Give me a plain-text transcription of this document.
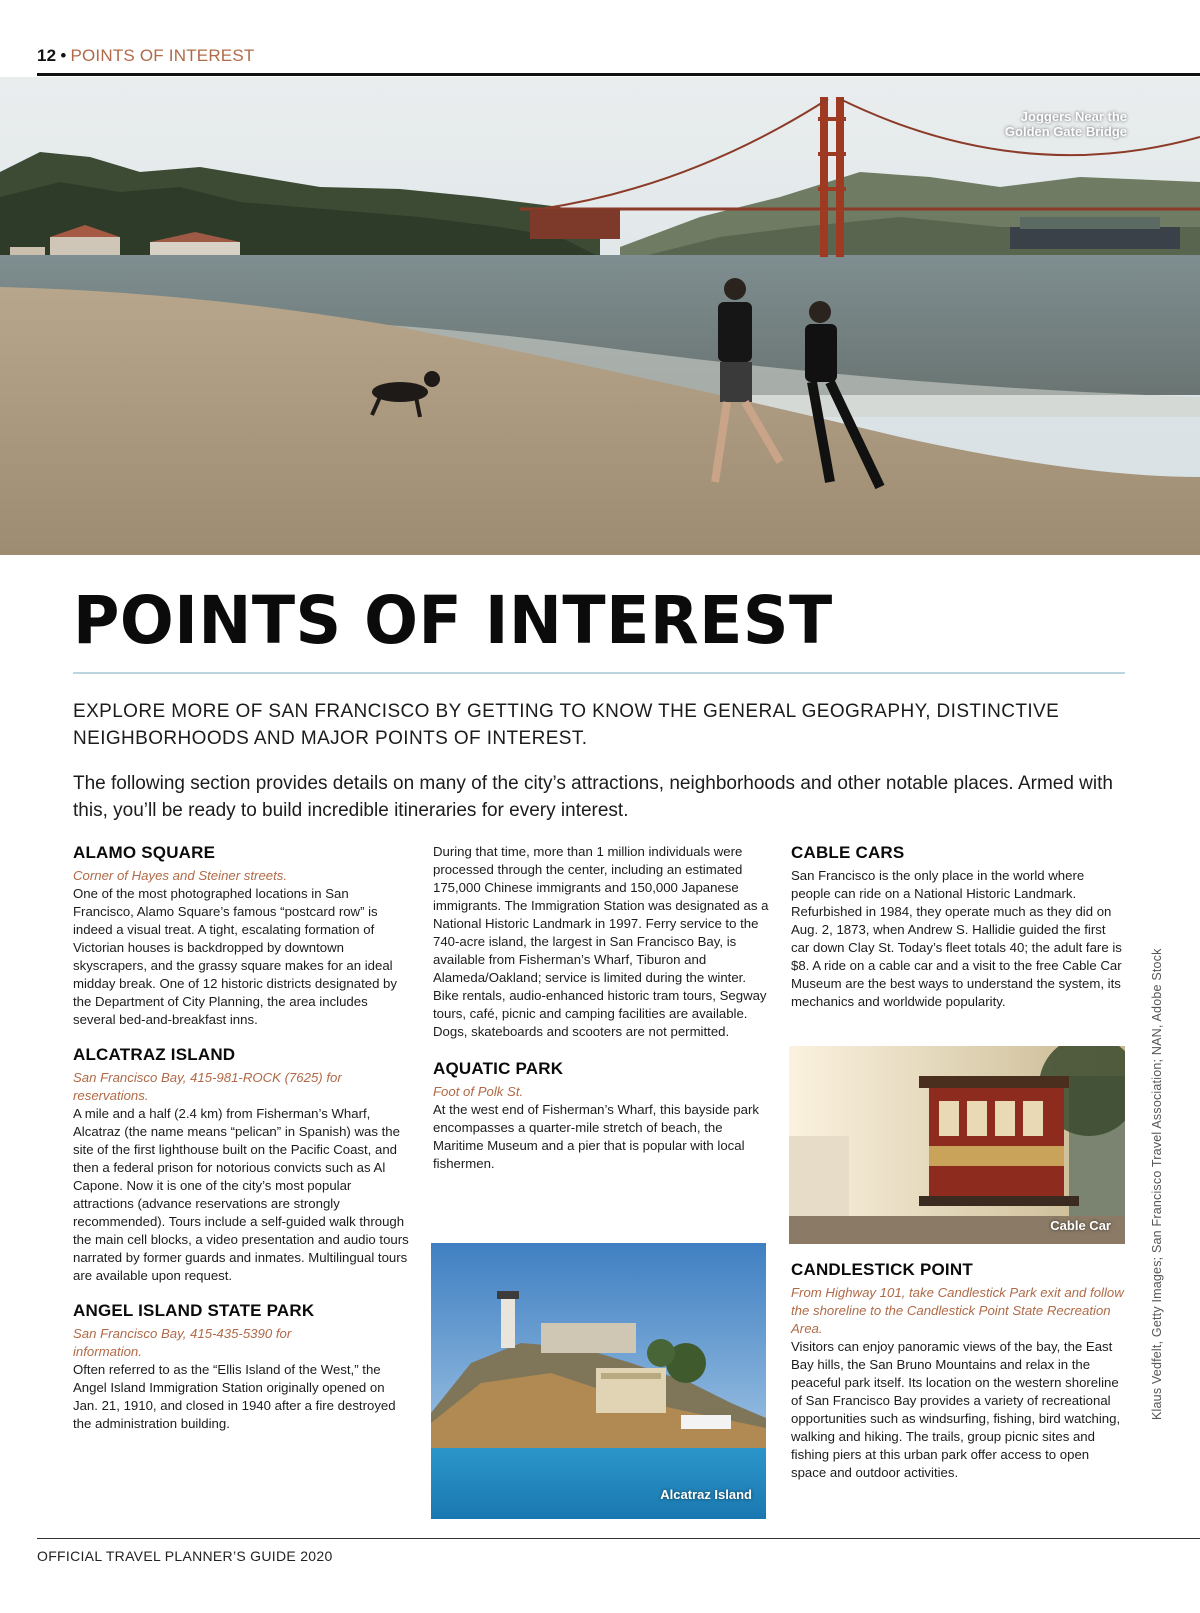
12 • POINTS OF INTEREST
Joggers Near the
Golden Gate Bridge
POINTS OF INTEREST
EXPLORE MORE OF SAN FRANCISCO BY GETTING TO KNOW THE GENERAL GEOGRAPHY, DISTINCTIVE NEIGHBORHOODS AND MAJOR POINTS OF INTEREST.
The following section provides details on many of the city’s attractions, neighborhoods and other notable places. Armed with this, you’ll be ready to build incredible itineraries for every interest.
ALAMO SQUARE

Corner of Hayes and Steiner streets.

One of the most photographed locations in San Francisco, Alamo Square’s famous “postcard row” is indeed a visual treat. A tight, escalating formation of Victorian houses is backdropped by downtown skyscrapers, and the grassy square makes for an ideal midday break. One of 12 historic districts designated by the Department of City Planning, the area includes several bed-and-breakfast inns.

ALCATRAZ ISLAND

San Francisco Bay, 415-981-ROCK (7625) for reservations.

A mile and a half (2.4 km) from Fisherman’s Wharf, Alcatraz (the name means “pelican” in Spanish) was the site of the first lighthouse built on the Pacific Coast, and then a federal prison for notorious convicts such as Al Capone. Now it is one of the city’s most popular attractions (advance reservations are strongly recommended). Tours include a self-guided walk through the main cell blocks, a video presentation and audio tours narrated by former guards and inmates. Multilingual tours are available upon request.

ANGEL ISLAND STATE PARK

San Francisco Bay, 415-435-5390 for information.

Often referred to as the “Ellis Island of the West,” the Angel Island Immigration Station originally opened on Jan. 21, 1910, and closed in 1940 after a fire destroyed the administration building.

During that time, more than 1 million individuals were processed through the center, including an estimated 175,000 Chinese immigrants and 150,000 Japanese immigrants. The Immigration Station was designated as a National Historic Landmark in 1997. Ferry service to the 740-acre island, the largest in San Francisco Bay, is available from Fisherman’s Wharf, Tiburon and Alameda/Oakland; service is limited during the winter. Bike rentals, audio-enhanced historic tram tours, Segway tours, café, picnic and camping facilities are available. Dogs, skateboards and scooters are not permitted.

AQUATIC PARK

Foot of Polk St.

At the west end of Fisherman’s Wharf, this bayside park encompasses a quarter-mile stretch of beach, the Maritime Museum and a pier that is popular with local fishermen.

Alcatraz Island
CABLE CARS

San Francisco is the only place in the world where people can ride on a National Historic Landmark. Refurbished in 1984, they operate much as they did on Aug. 2, 1873, when Andrew S. Hallidie guided the first car down Clay St. Today’s fleet totals 40; the adult fare is $8. A ride on a cable car and a visit to the free Cable Car Museum are the best ways to understand the system, its mechanics and worldwide popularity.

Cable Car
CANDLESTICK POINT

From Highway 101, take Candlestick Park exit and follow the shoreline to the Candlestick Point State Recreation Area.

Visitors can enjoy panoramic views of the bay, the East Bay hills, the San Bruno Mountains and relax in the peaceful park itself. Its location on the western shoreline of San Francisco Bay provides a variety of recreational opportunities such as windsurfing, fishing, bird watching, walking and hiking. The trails, group picnic sites and fishing piers at this urban park offer access to open space and outdoor activities.

Klaus Vedfelt, Getty Images; San Francisco Travel Association; NAN, Adobe Stock
OFFICIAL TRAVEL PLANNER’S GUIDE 2020
